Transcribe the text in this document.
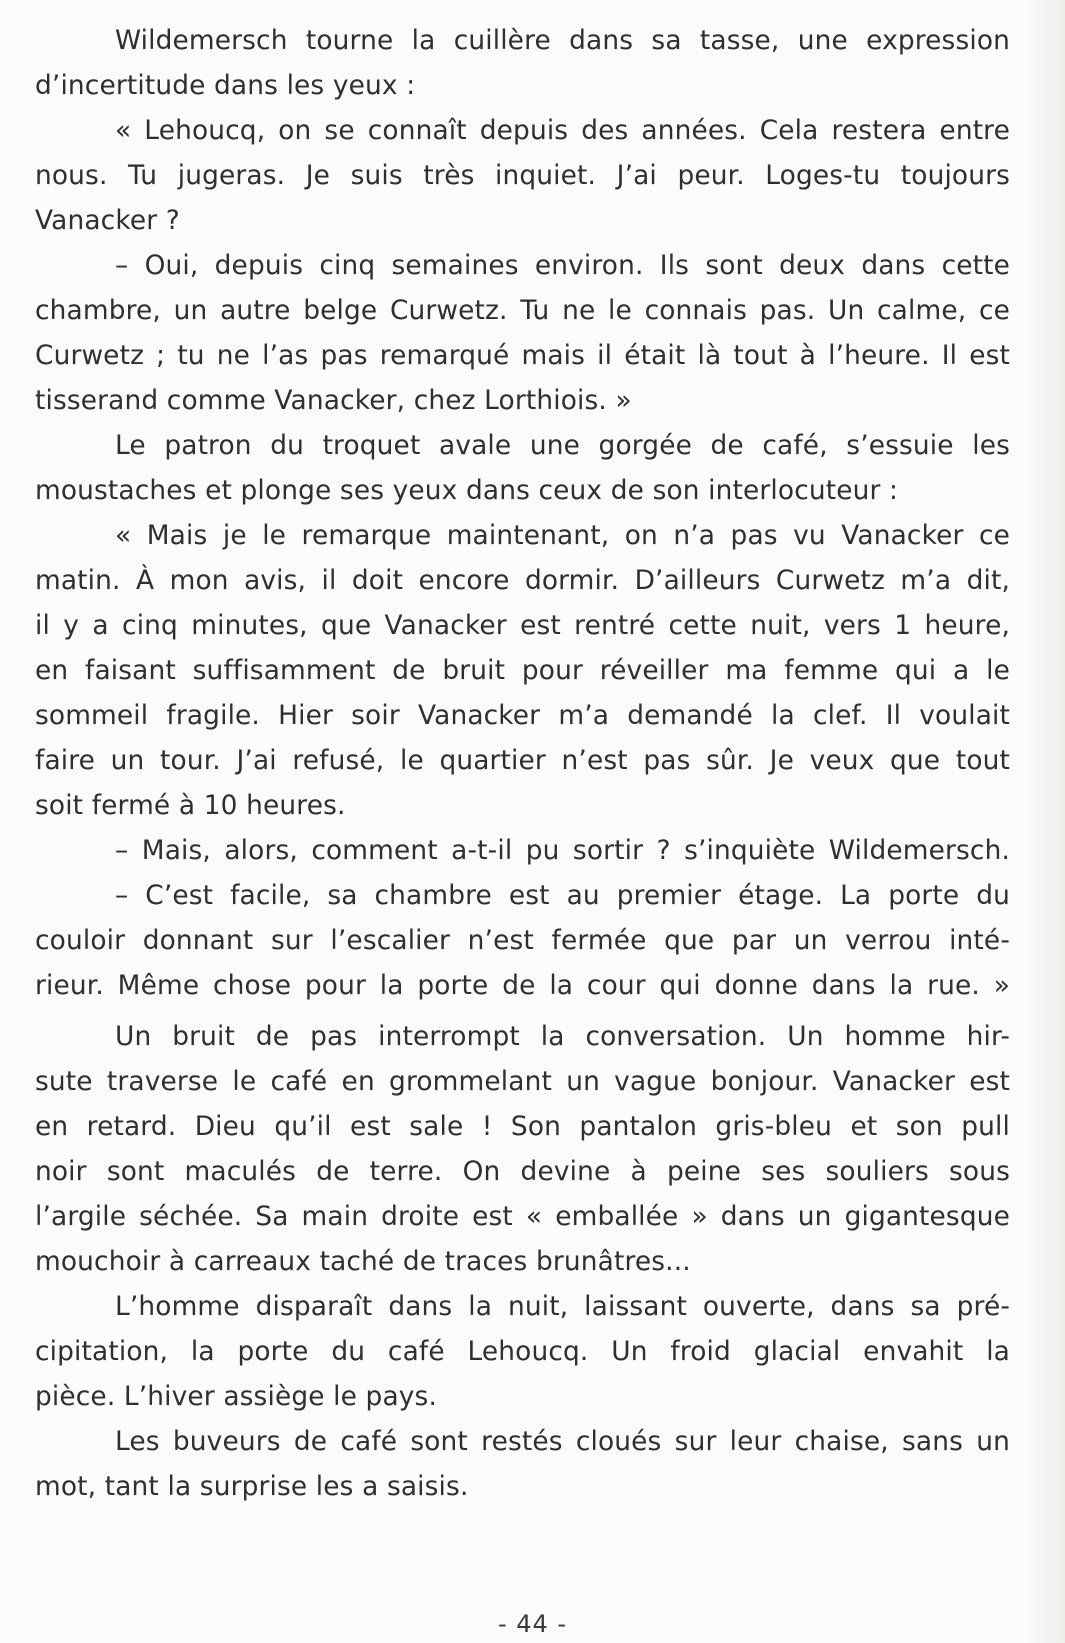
Wildemersch tourne la cuillère dans sa tasse, une expression
d’incertitude dans les yeux :
« Lehoucq, on se connaît depuis des années. Cela restera entre
nous. Tu jugeras. Je suis très inquiet. J’ai peur. Loges-tu toujours
Vanacker ?
– Oui, depuis cinq semaines environ. Ils sont deux dans cette
chambre, un autre belge Curwetz. Tu ne le connais pas. Un calme, ce
Curwetz ; tu ne l’as pas remarqué mais il était là tout à l’heure. Il est
tisserand comme Vanacker, chez Lorthiois. »
Le patron du troquet avale une gorgée de café, s’essuie les
moustaches et plonge ses yeux dans ceux de son interlocuteur :
« Mais je le remarque maintenant, on n’a pas vu Vanacker ce
matin. À mon avis, il doit encore dormir. D’ailleurs Curwetz m’a dit,
il y a cinq minutes, que Vanacker est rentré cette nuit, vers 1 heure,
en faisant suffisamment de bruit pour réveiller ma femme qui a le
sommeil fragile. Hier soir Vanacker m’a demandé la clef. Il voulait
faire un tour. J’ai refusé, le quartier n’est pas sûr. Je veux que tout
soit fermé à 10 heures.
– Mais, alors, comment a-t-il pu sortir ? s’inquiète Wildemersch.
– C’est facile, sa chambre est au premier étage. La porte du
couloir donnant sur l’escalier n’est fermée que par un verrou inté-
rieur. Même chose pour la porte de la cour qui donne dans la rue. »
Un bruit de pas interrompt la conversation. Un homme hir-
sute traverse le café en grommelant un vague bonjour. Vanacker est
en retard. Dieu qu’il est sale ! Son pantalon gris-bleu et son pull
noir sont maculés de terre. On devine à peine ses souliers sous
l’argile séchée. Sa main droite est « emballée » dans un gigantesque
mouchoir à carreaux taché de traces brunâtres...
L’homme disparaît dans la nuit, laissant ouverte, dans sa pré-
cipitation, la porte du café Lehoucq. Un froid glacial envahit la
pièce. L’hiver assiège le pays.
Les buveurs de café sont restés cloués sur leur chaise, sans un
mot, tant la surprise les a saisis.
- 44 -
